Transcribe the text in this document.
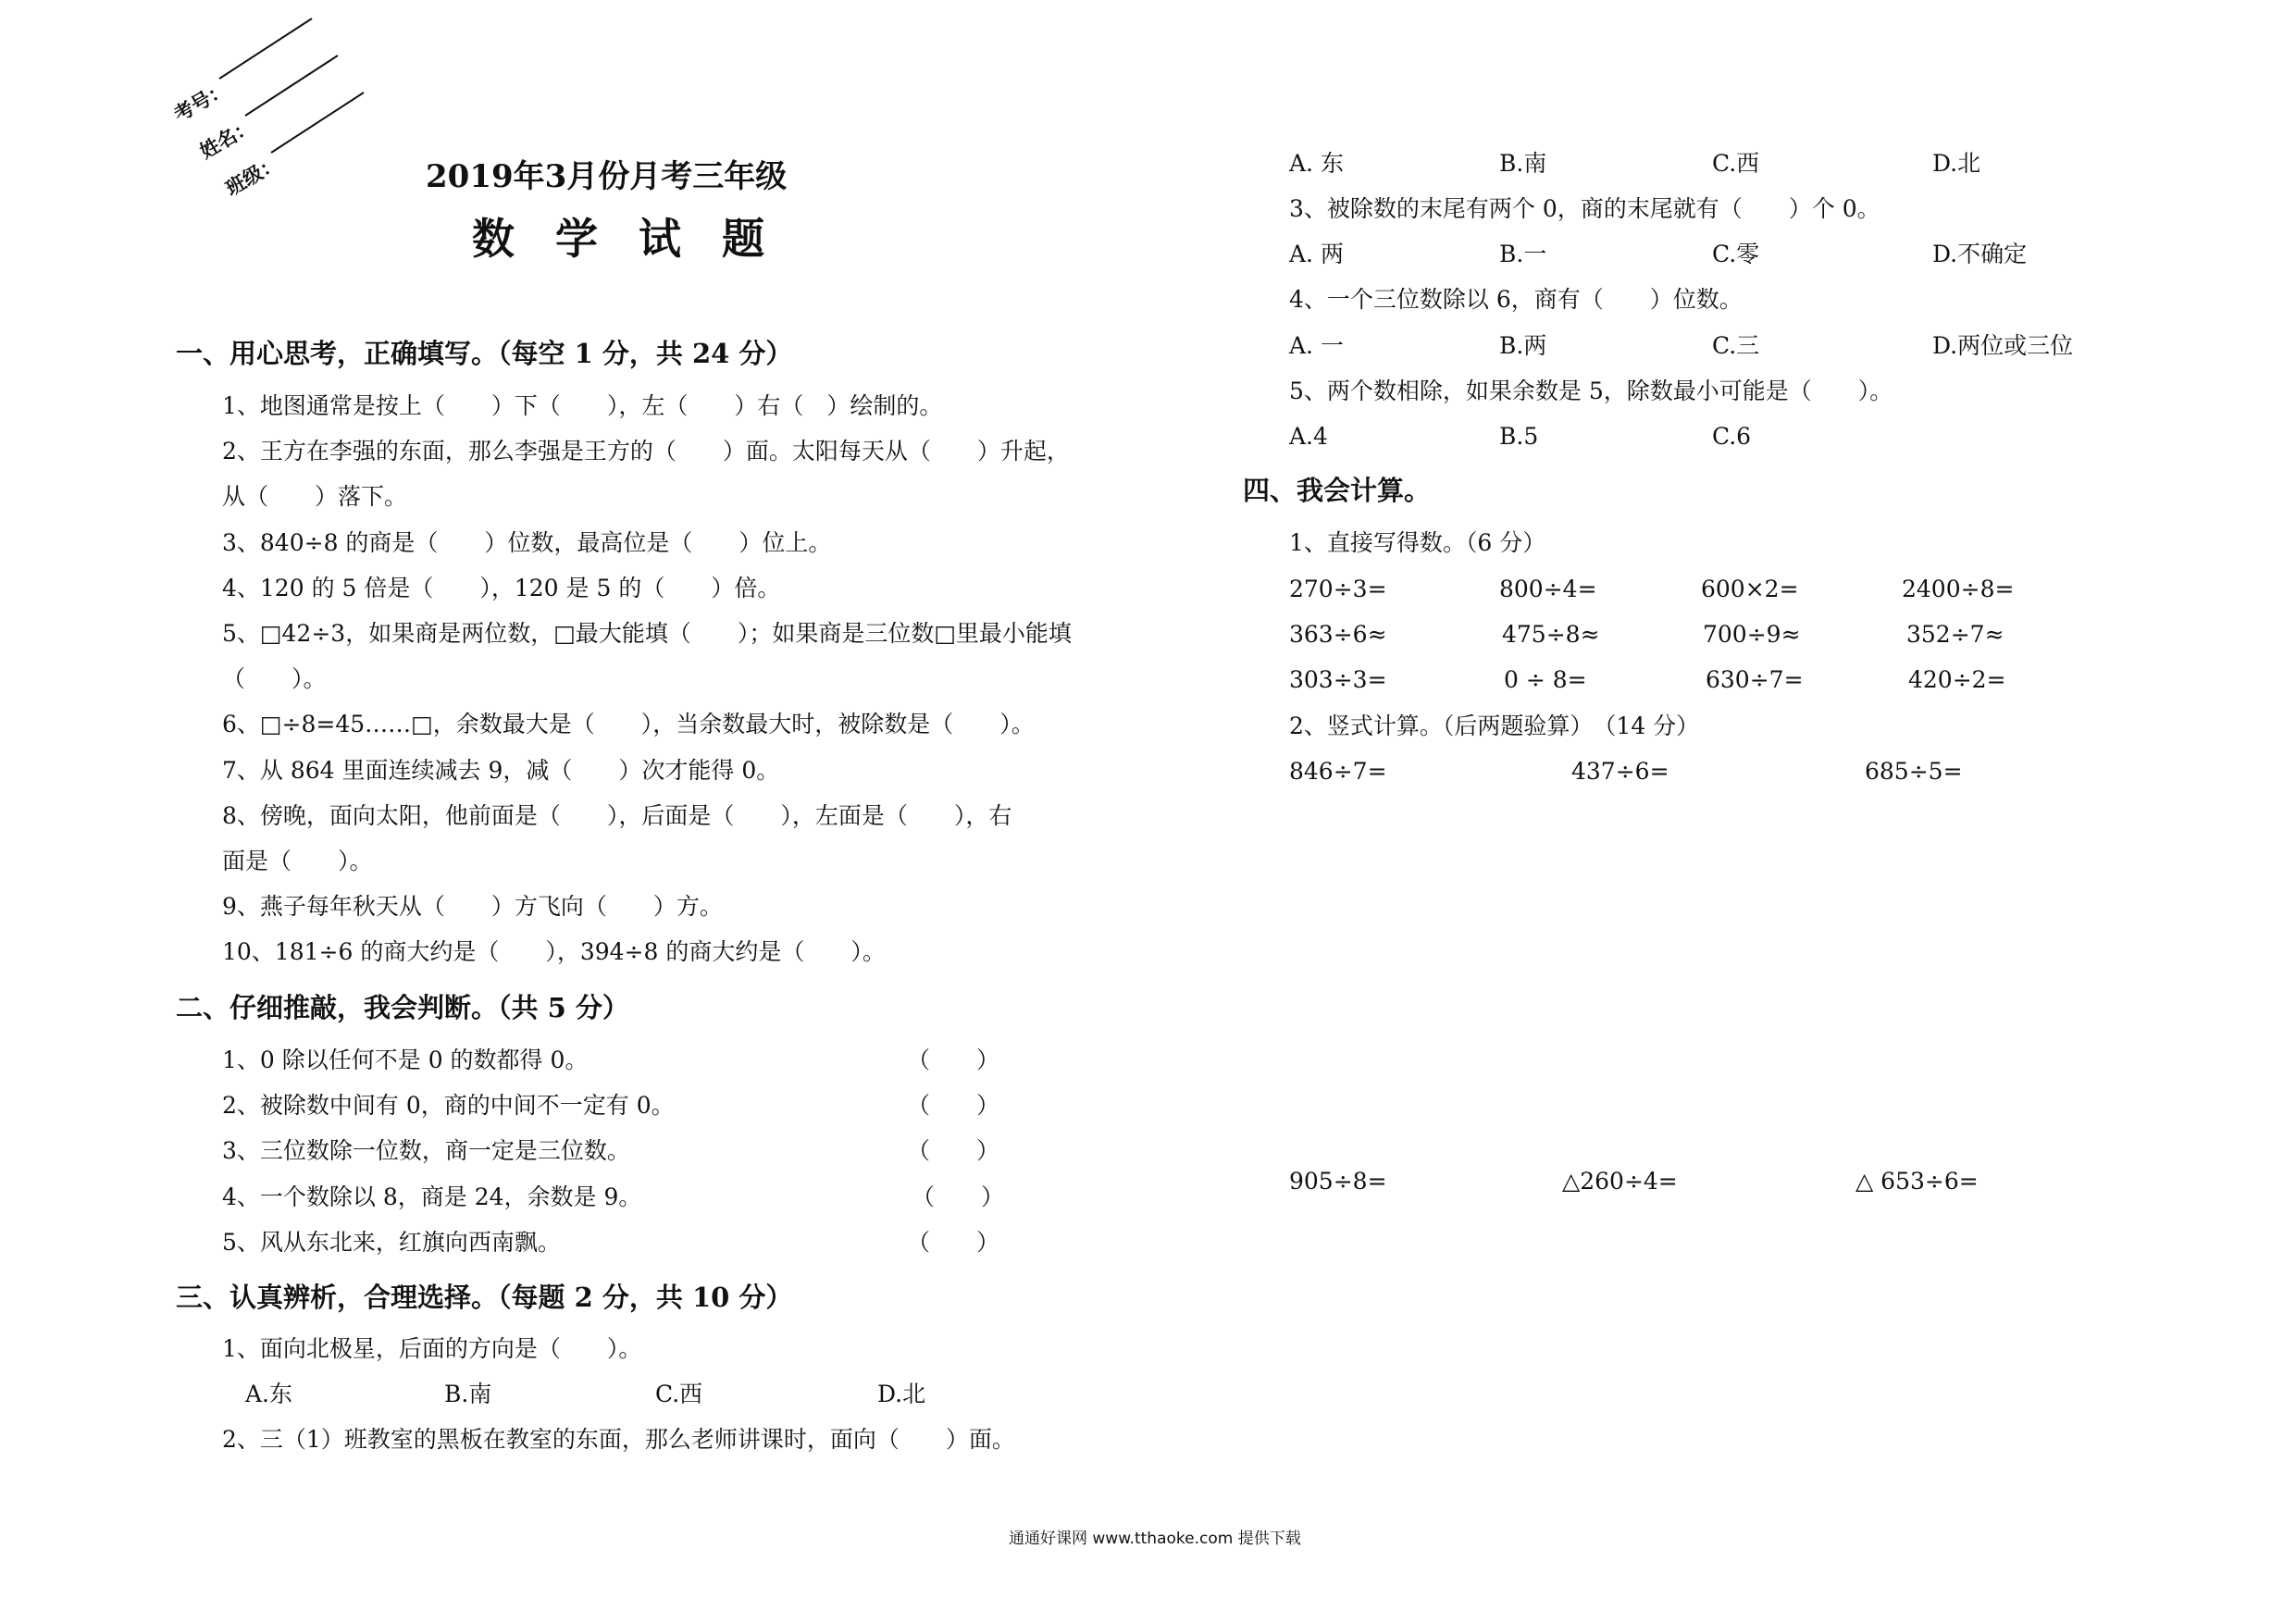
考号：
姓名：
班级：	2019年3月份月考三年级
数学试题
一、用心思考，正确填写。（每空 1 分，共 24 分）
1、地图通常是按上（　　）下（　　），左（　　）右（　）绘制的。
2、王方在李强的东面，那么李强是王方的（　　）面。太阳每天从（　　）升起，
从（　　）落下。
3、840÷8 的商是（　　）位数，最高位是（　　）位上。
4、120 的 5 倍是（　　），120 是 5 的（　　）倍。
5、□42÷3，如果商是两位数，□最大能填（　　）；如果商是三位数□里最小能填
（　　）。
6、□÷8=45……□，余数最大是（　　），当余数最大时，被除数是（　　）。
7、从 864 里面连续减去 9，减（　　）次才能得 0。
8、傍晚，面向太阳，他前面是（　　），后面是（　　），左面是（　　），右
面是（　　）。
9、燕子每年秋天从（　　）方飞向（　　）方。
10、181÷6 的商大约是（　　），394÷8 的商大约是（　　）。
二、仔细推敲，我会判断。（共 5 分）
1、0 除以任何不是 0 的数都得 0。	（　　）
2、被除数中间有 0，商的中间不一定有 0。	（　　）
3、三位数除一位数，商一定是三位数。	（　　）
4、一个数除以 8，商是 24，余数是 9。	（　　）
5、风从东北来，红旗向西南飘。	（　　）
三、认真辨析，合理选择。（每题 2 分，共 10 分）
1、面向北极星，后面的方向是（　　）。
A.东	B.南	C.西	D.北
2、三（1）班教室的黑板在教室的东面，那么老师讲课时，面向（　　）面。
A. 东	B.南	C.西	D.北
3、被除数的末尾有两个 0，商的末尾就有（　　）个 0。
A. 两	B.一	C.零	D.不确定
4、一个三位数除以 6，商有（　　）位数。
A. 一	B.两	C.三	D.两位或三位
5、两个数相除，如果余数是 5，除数最小可能是（　　）。
A.4	B.5	C.6
四、我会计算。
1、直接写得数。（6 分）
270÷3=	800÷4=	600×2=	2400÷8=
363÷6≈	475÷8≈	700÷9≈	352÷7≈
303÷3=	0 ÷ 8=	630÷7=	420÷2=
2、竖式计算。（后两题验算）　（14 分）
846÷7=	437÷6=	685÷5=
905÷8=	△260÷4=	△ 653÷6=
通通好课网 www.tthaoke.com 提供下载
